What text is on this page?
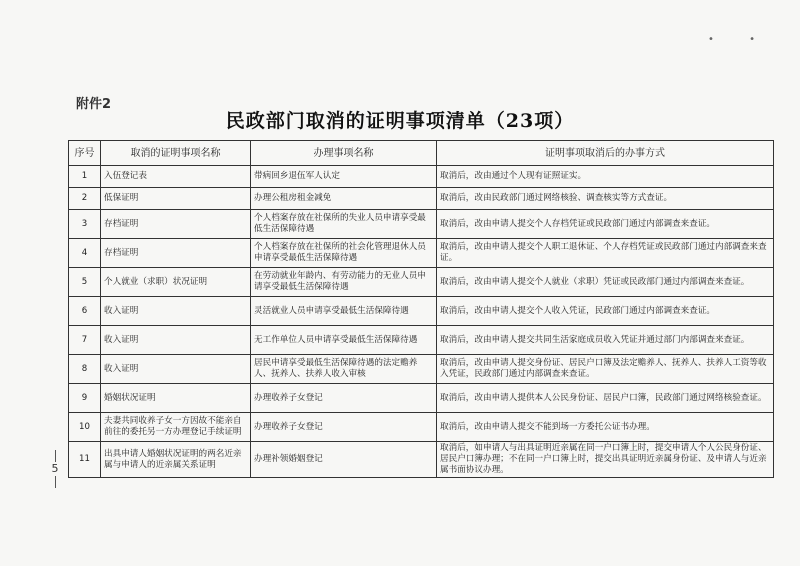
• •
附件2
民政部门取消的证明事项清单（23项）
序号	取消的证明事项名称	办理事项名称	证明事项取消后的办事方式
1	入伍登记表	带病回乡退伍军人认定	取消后，改由通过个人现有证照证实。
2	低保证明	办理公租房租金减免	取消后，改由民政部门通过网络核验、调查核实等方式查证。
3	存档证明	个人档案存放在社保所的失业人员申请享受最低生活保障待遇	取消后，改由申请人提交个人存档凭证或民政部门通过内部调查来查证。
4	存档证明	个人档案存放在社保所的社会化管理退休人员申请享受最低生活保障待遇	取消后，改由申请人提交个人职工退休证、个人存档凭证或民政部门通过内部调查来查证。
5	个人就业（求职）状况证明	在劳动就业年龄内、有劳动能力的无业人员申请享受最低生活保障待遇	取消后，改由申请人提交个人就业（求职）凭证或民政部门通过内部调查来查证。
6	收入证明	灵活就业人员申请享受最低生活保障待遇	取消后，改由申请人提交个人收入凭证，民政部门通过内部调查来查证。
7	收入证明	无工作单位人员申请享受最低生活保障待遇	取消后，改由申请人提交共同生活家庭成员收入凭证并通过部门内部调查来查证。
8	收入证明	居民申请享受最低生活保障待遇的法定赡养人、抚养人、扶养人收入审核	取消后，改由申请人提交身份证、居民户口簿及法定赡养人、抚养人、扶养人工资等收入凭证，民政部门通过内部调查来查证。
9	婚姻状况证明	办理收养子女登记	取消后，改由申请人提供本人公民身份证、居民户口簿，民政部门通过网络核验查证。
10	夫妻共同收养子女一方因故不能亲自前往的委托另一方办理登记手续证明	办理收养子女登记	取消后，改由申请人提交不能到场一方委托公证书办理。
11	出具申请人婚姻状况证明的两名近亲属与申请人的近亲属关系证明	办理补领婚姻登记	取消后，如申请人与出具证明近亲属在同一户口簿上时，提交申请人个人公民身份证、居民户口簿办理；不在同一户口簿上时，提交出具证明近亲属身份证、及申请人与近亲属书面协议办理。
5
